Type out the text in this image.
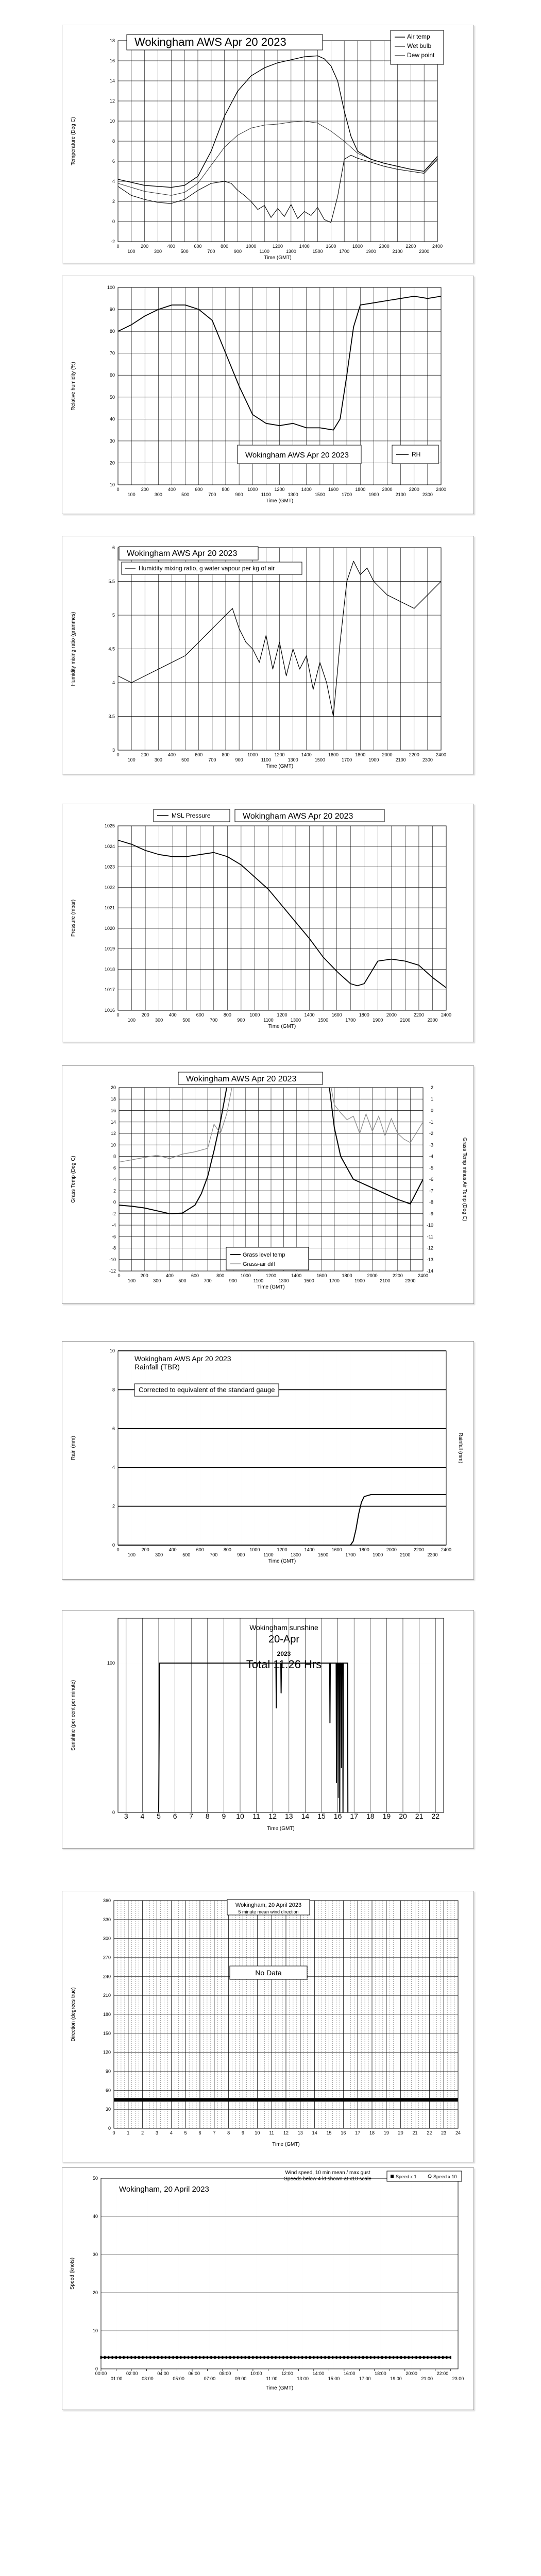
-2
0
2
4
6
8
10
12
14
16
18
0
100
200
300
400
500
600
700
800
900
1000
1100
1200
1300
1400
1500
1600
1700
1800
1900
2000
2100
2200
2300
2400
Wokingham AWS Apr 20 2023	Air temp
Wet bulb
Dew point
Time (GMT)
Temperature (Deg C)
10
20
30
40
50
60
70
80
90
100
0
100
200
300
400
500
600
700
800
900
1000
1100
1200
1300
1400
1500
1600
1700
1800
1900
2000
2100
2200
2300
2400
Wokingham AWS Apr 20 2023	RH
Time (GMT)
Relative humidity (%)
3
3.5
4
4.5
5
5.5
6
0
100
200
300
400
500
600
700
800
900
1000
1100
1200
1300
1400
1500
1600
1700
1800
1900
2000
2100
2200
2300
2400
Wokingham AWS Apr 20 2023
Humidity mixing ratio, g water vapour per kg of air
Time (GMT)
Humidity mixing ratio (grammes)
1016
1017
1018
1019
1020
1021
1022
1023
1024
1025
0
100
200
300
400
500
600
700
800
900
1000
1100
1200
1300
1400
1500
1600
1700
1800
1900
2000
2100
2200
2300
2400
MSL Pressure	Wokingham AWS Apr 20 2023
Time (GMT)
Pressure (mbar)
-12
-10
-8
-6
-4
-2
0
2
4
6
8
10
12
14
16
18
20
0
100
200
300
400
500
600
700
800
900
1000
1100
1200
1300
1400
1500
1600
1700
1800
1900
2000
2100
2200
2300
2400
-14
-13
-12
-11
-10
-9
-8
-7
-6
-5
-4
-3
-2
-1
0
1
2
Grass Temp minus Air Temp (Deg C)
Wokingham AWS Apr 20 2023
Grass level temp
Grass-air diff
Time (GMT)
Grass Temp (Deg C)
0
2
4
6
8
10
0
100
200
300
400
500
600
700
800
900
1000
1100
1200
1300
1400
1500
1600
1700
1800
1900
2000
2100
2200
2300
2400
Rainfall (mm)
Wokingham AWS Apr 20 2023
Rainfall (TBR)
Corrected to equivalent of the standard gauge
Time (GMT)
Rain (mm)
0
100
3 4 5 6 7 8 9 10 11 12 13 14 15 16 17 18 19 20 21 22
Wokingham sunshine
20-Apr
2023
Total 11.26 Hrs
Time (GMT)
Sunshine (per cent per minute)
0
30
60
90
120
150
180
210
240
270
300
330
360
0	1	2	3	4	5	6	7	8	9 10 11 12 13 14 15 16 17 18 19 20 21 22 23 24
Wokingham, 20 April 2023
5 minute mean wind direction
No Data
Time (GMT)
Direction (degrees true)
0
10
20
30
40
50
00:00
01:00
02:00
03:00
04:00
05:00
06:00
07:00
08:00
09:00
10:00
11:00
12:00
13:00
14:00
15:00
16:00
17:00
18:00
19:00
20:00
21:00
22:00
23:00
Wokingham, 20 April 2023
Wind speed, 10 min mean / max gust
Speeds below 4 kt shown at x10 scale	Speed x 1	Speed x 10
Time (GMT)
Speed (knots)
